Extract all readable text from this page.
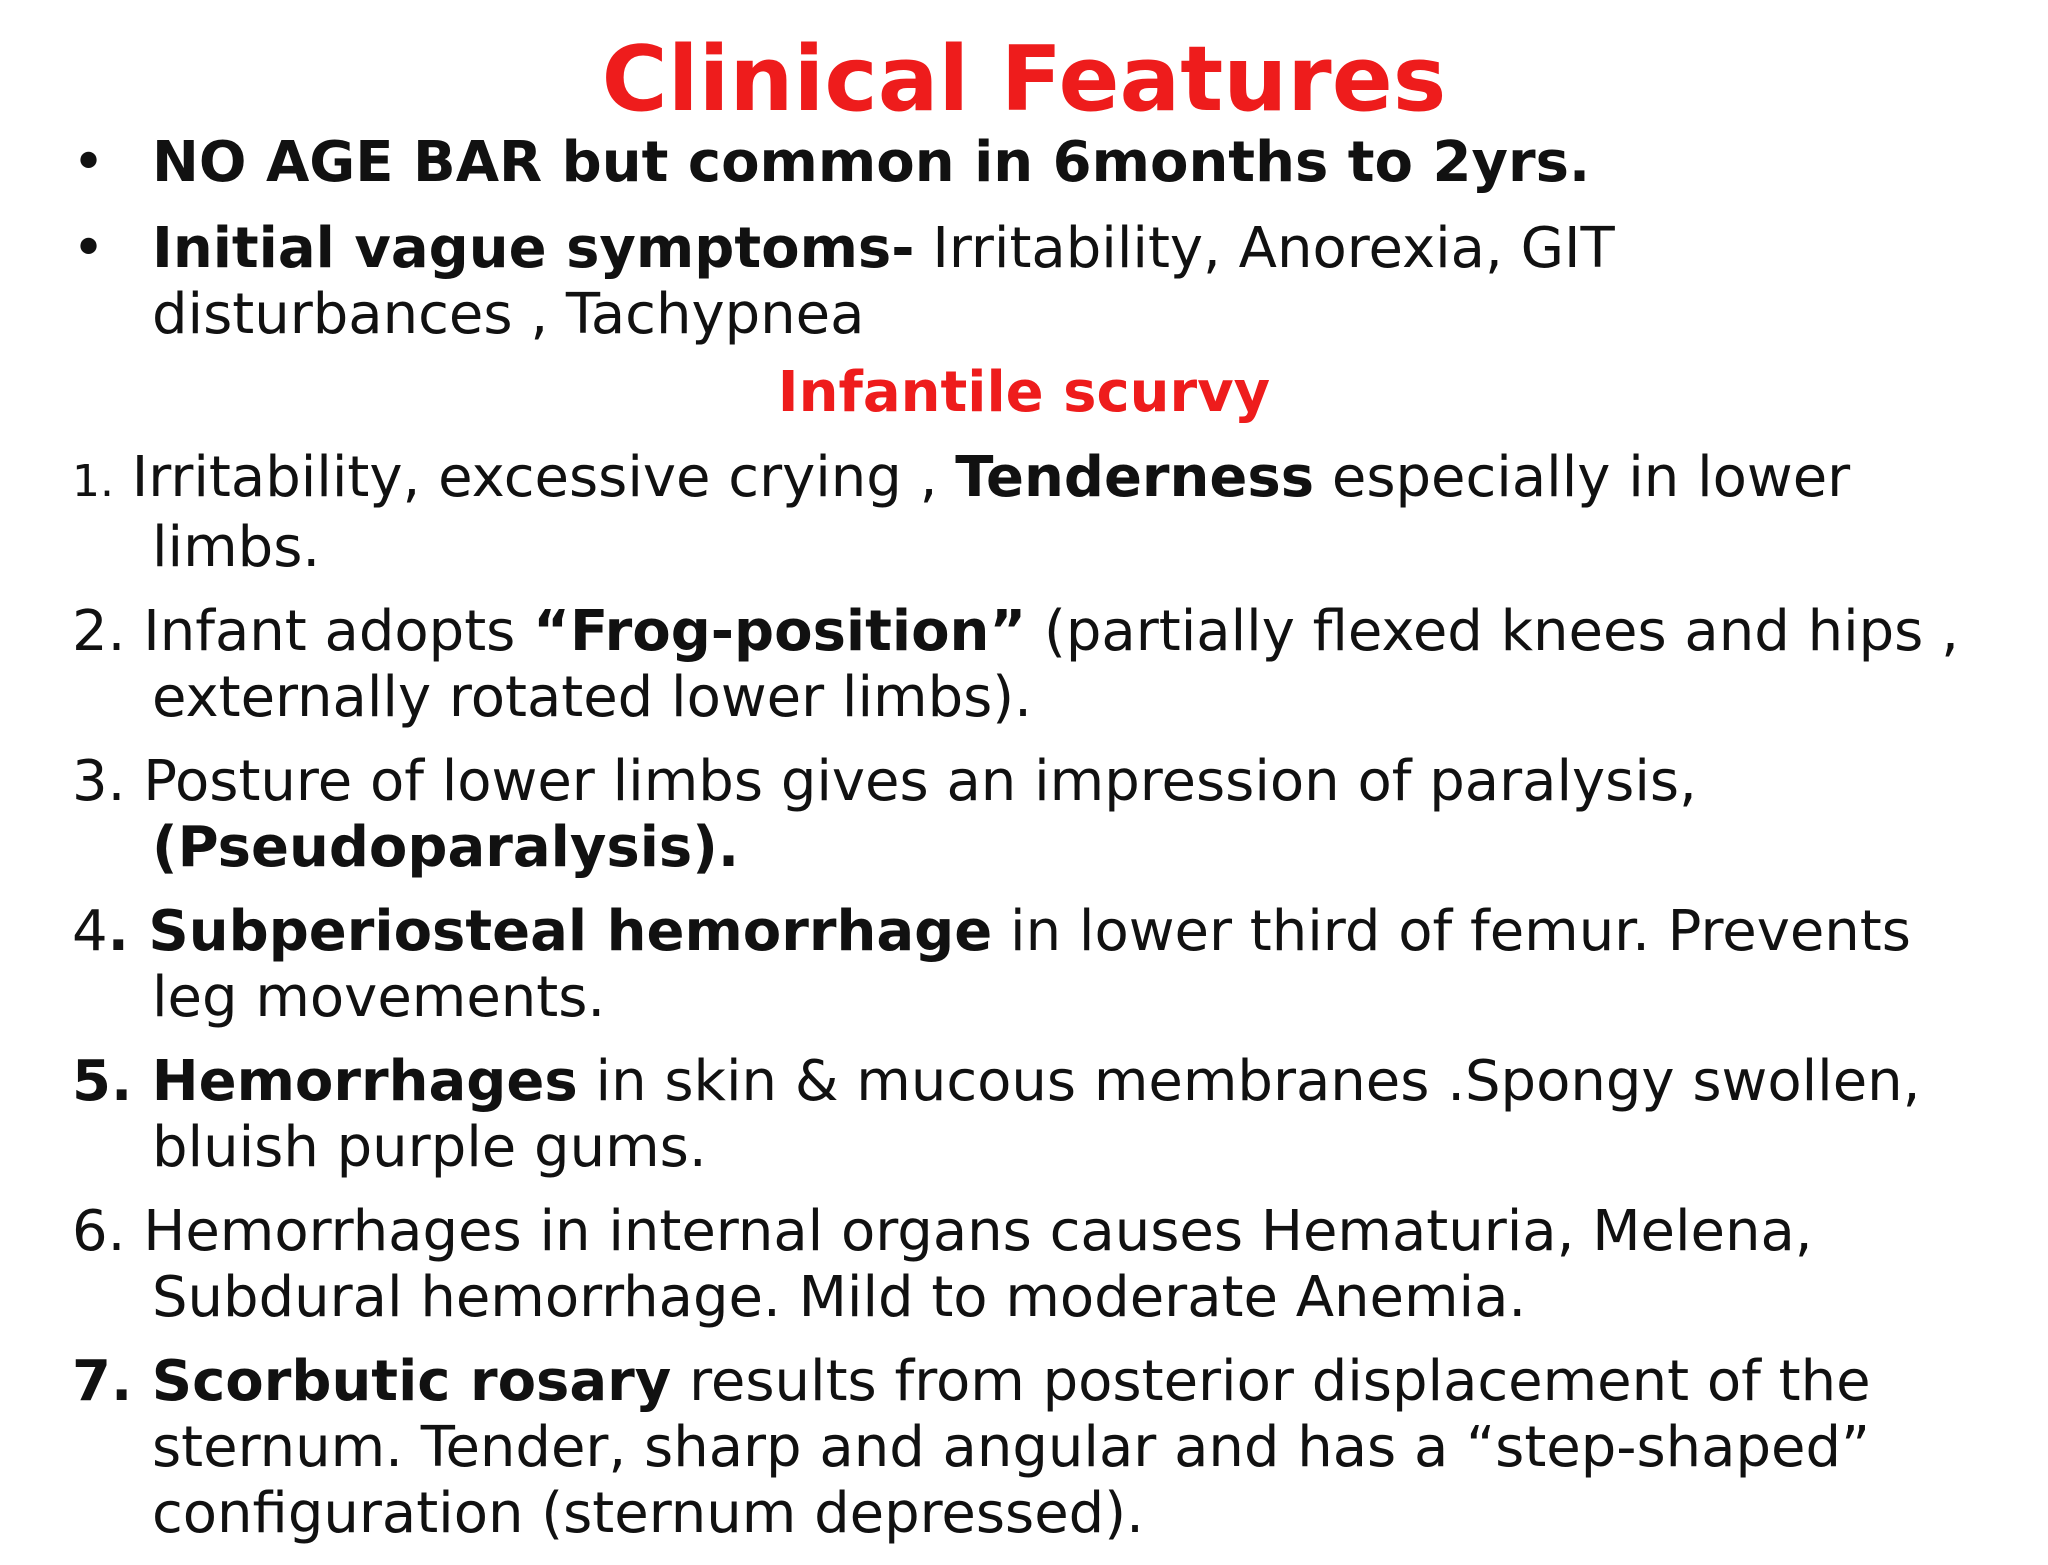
Clinical Features
• NO AGE BAR but common in 6months to 2yrs.
• Initial vague symptoms- Irritability, Anorexia, GIT disturbances , Tachypnea
Infantile scurvy
1. Irritability, excessive crying , Tenderness especially in lower limbs.
2. Infant adopts “Frog-position” (partially flexed knees and hips , externally rotated lower limbs).
3. Posture of lower limbs gives an impression of paralysis, (Pseudoparalysis).
4. Subperiosteal hemorrhage in lower third of femur. Prevents leg movements.
5. Hemorrhages in skin & mucous membranes .Spongy swollen, bluish purple gums.
6. Hemorrhages in internal organs causes Hematuria, Melena, Subdural hemorrhage. Mild to moderate Anemia.
7. Scorbutic rosary results from posterior displacement of the sternum. Tender, sharp and angular and has a “step-shaped” configuration (sternum depressed).
